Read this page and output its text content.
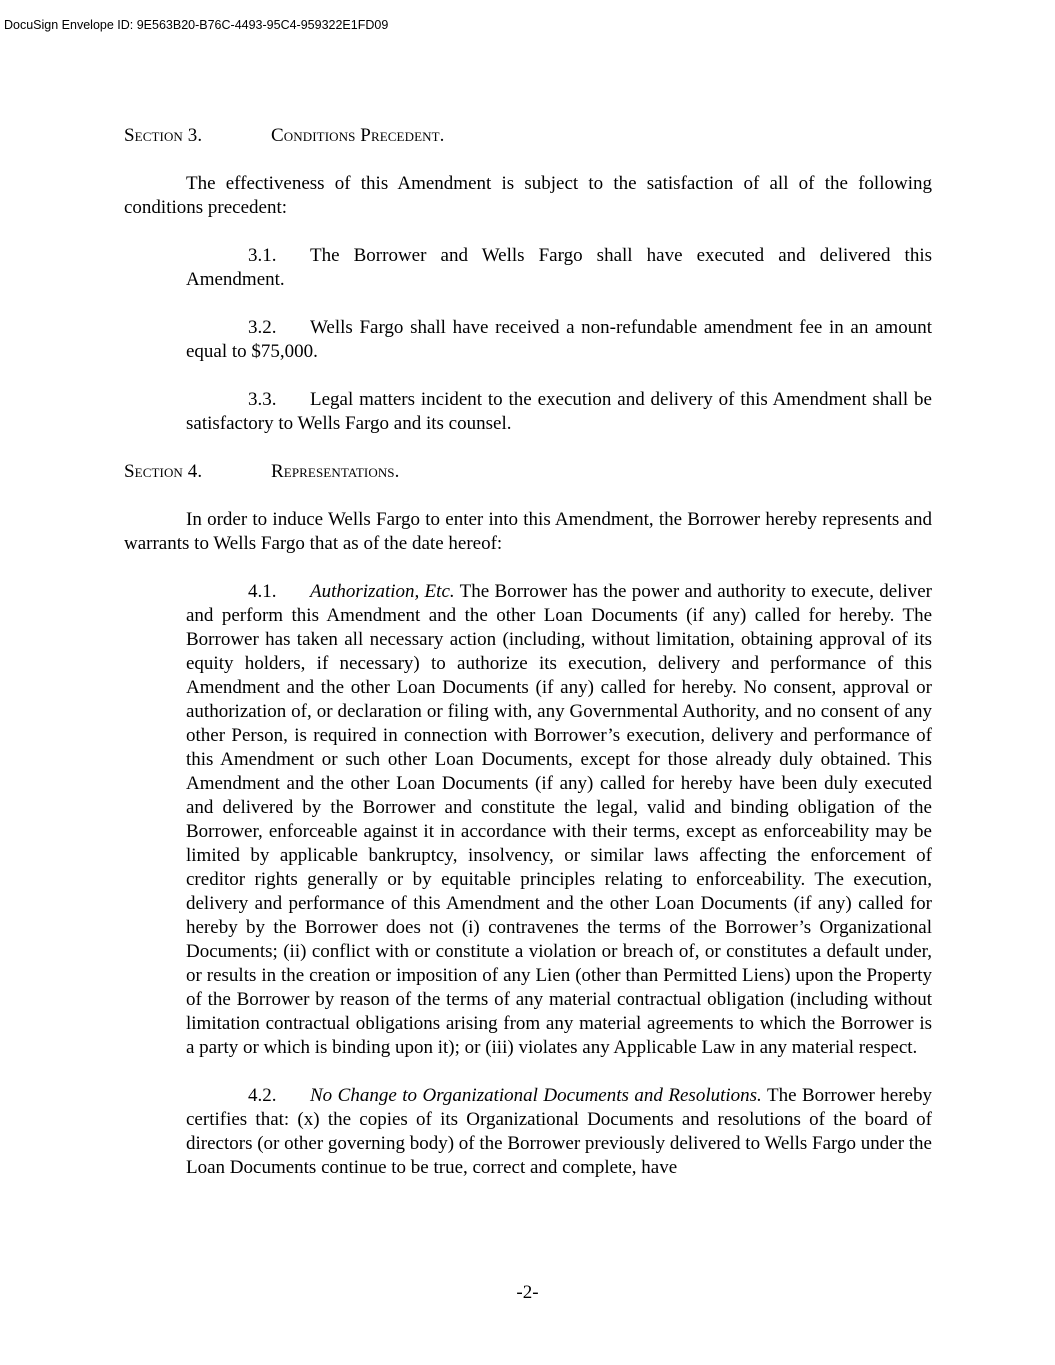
DocuSign Envelope ID: 9E563B20-B76C-4493-95C4-959322E1FD09
Section 3.	Conditions Precedent.

The effectiveness of this Amendment is subject to the satisfaction of all of the following conditions precedent:

3.1. The Borrower and Wells Fargo shall have executed and delivered this Amendment.

3.2. Wells Fargo shall have received a non-refundable amendment fee in an amount equal to $75,000.

3.3. Legal matters incident to the execution and delivery of this Amendment shall be satisfactory to Wells Fargo and its counsel.

Section 4.	Representations.

In order to induce Wells Fargo to enter into this Amendment, the Borrower hereby represents and warrants to Wells Fargo that as of the date hereof:

4.1. Authorization, Etc. The Borrower has the power and authority to execute, deliver and perform this Amendment and the other Loan Documents (if any) called for hereby. The Borrower has taken all necessary action (including, without limitation, obtaining approval of its equity holders, if necessary) to authorize its execution, delivery and performance of this Amendment and the other Loan Documents (if any) called for hereby. No consent, approval or authorization of, or declaration or filing with, any Governmental Authority, and no consent of any other Person, is required in connection with Borrower’s execution, delivery and performance of this Amendment or such other Loan Documents, except for those already duly obtained. This Amendment and the other Loan Documents (if any) called for hereby have been duly executed and delivered by the Borrower and constitute the legal, valid and binding obligation of the Borrower, enforceable against it in accordance with their terms, except as enforceability may be limited by applicable bankruptcy, insolvency, or similar laws affecting the enforcement of creditor rights generally or by equitable principles relating to enforceability. The execution, delivery and performance of this Amendment and the other Loan Documents (if any) called for hereby by the Borrower does not (i) contravenes the terms of the Borrower’s Organizational Documents; (ii) conflict with or constitute a violation or breach of, or constitutes a default under, or results in the creation or imposition of any Lien (other than Permitted Liens) upon the Property of the Borrower by reason of the terms of any material contractual obligation (including without limitation contractual obligations arising from any material agreements to which the Borrower is a party or which is binding upon it); or (iii) violates any Applicable Law in any material respect.

4.2. No Change to Organizational Documents and Resolutions. The Borrower hereby certifies that: (x) the copies of its Organizational Documents and resolutions of the board of directors (or other governing body) of the Borrower previously delivered to Wells Fargo under the Loan Documents continue to be true, correct and complete, have

-2-
